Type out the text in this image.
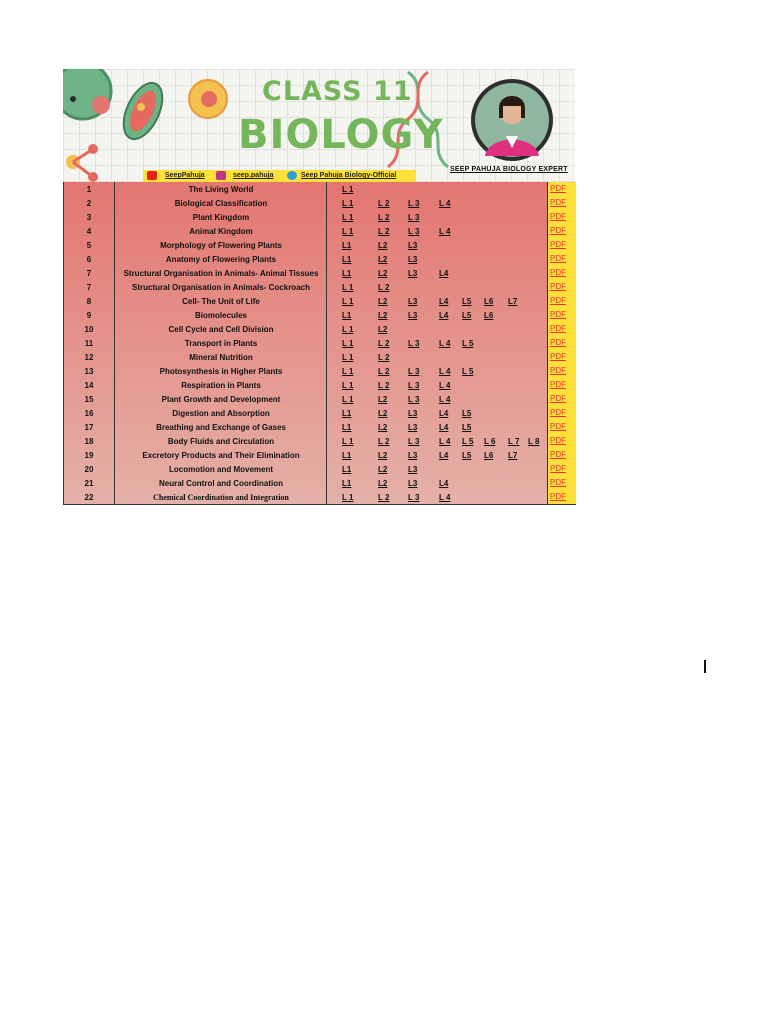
CLASS 11
BIOLOGY
SeepPahuja	seep.pahuja	Seep Pahuja Biology-Official
SEEP PAHUJA BIOLOGY EXPERT
1	The Living World	L 1	PDF
2	Biological Classification	L 1	L 2 L 3 L 4	PDF
3	Plant Kingdom	L 1	L 2 L 3	PDF
4	Animal Kingdom	L 1	L 2 L 3 L 4	PDF
5	Morphology of Flowering Plants	L1	L2	L3	PDF
6	Anatomy of Flowering Plants	L1	L2	L3	PDF
7	Structural Organisation in Animals- Animal Tissues	L1	L2	L3	L4	PDF
7	Structural Organisation in Animals- Cockroach	L 1	L 2	PDF
8	Cell- The Unit of Life	L 1	L2	L3	L4 L5 L6 L7	PDF
9	Biomolecules	L1	L2	L3	L4 L5 L6	PDF
10	Cell Cycle and Cell Division	L 1	L2	PDF
11	Transport in Plants	L 1	L 2 L 3 L 4 L 5	PDF
12	Mineral Nutrition	L 1	L 2	PDF
13	Photosynthesis in Higher Plants	L 1	L 2 L 3 L 4 L 5	PDF
14	Respiration in Plants	L 1	L 2 L 3 L 4	PDF
15	Plant Growth and Development	L 1	L2	L 3 L 4	PDF
16	Digestion and Absorption	L1	L2	L3	L4 L5	PDF
17	Breathing and Exchange of Gases	L1	L2	L3	L4 L5	PDF
18	Body Fluids and Circulation	L 1	L 2 L 3 L 4 L 5 L 6 L 7 L 8 PDF
19	Excretory Products and Their Elimination	L1	L2	L3	L4 L5 L6 L7	PDF
20	Locomotion and Movement	L1	L2	L3	PDF
21	Neural Control and Coordination	L1	L2	L3	L4	PDF
22	Chemical Coordination and Integration	L 1	L 2 L 3 L 4	PDF
